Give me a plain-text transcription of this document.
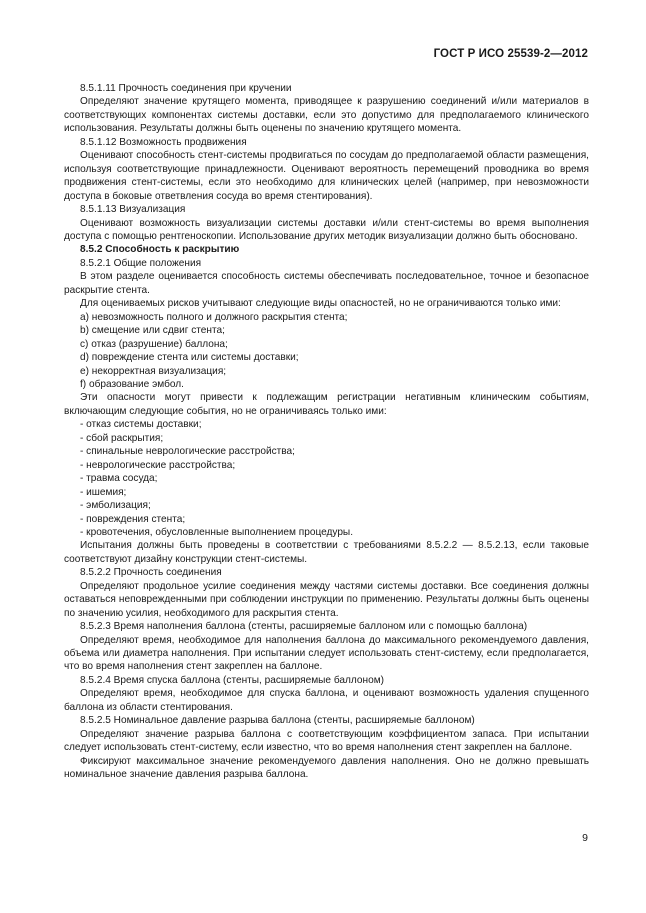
ГОСТ Р ИСО 25539-2—2012

8.5.1.11 Прочность соединения при кручении

Определяют значение крутящего момента, приводящее к разрушению соединений и/или материалов в соответствующих компонентах системы доставки, если это допустимо для предполагаемого клинического использования. Результаты должны быть оценены по значению крутящего момента.

8.5.1.12 Возможность продвижения

Оценивают способность стент-системы продвигаться по сосудам до предполагаемой области размещения, используя соответствующие принадлежности. Оценивают вероятность перемещений проводника во время продвижения стент-системы, если это необходимо для клинических целей (например, при невозможности доступа в боковые ответвления сосуда во время стентирования).

8.5.1.13 Визуализация

Оценивают возможность визуализации системы доставки и/или стент-системы во время выполнения доступа с помощью рентгеноскопии. Использование других методик визуализации должно быть обосновано.

8.5.2 Способность к раскрытию

8.5.2.1 Общие положения

В этом разделе оценивается способность системы обеспечивать последовательное, точное и безопасное раскрытие стента.

Для оцениваемых рисков учитывают следующие виды опасностей, но не ограничиваются только ими:

а) невозможность полного и должного раскрытия стента;

b) смещение или сдвиг стента;

c) отказ (разрушение) баллона;

d) повреждение стента или системы доставки;

e) некорректная визуализация;

f) образование эмбол.

Эти опасности могут привести к подлежащим регистрации негативным клиническим событиям, включающим следующие события, но не ограничиваясь только ими:

- отказ системы доставки;

- сбой раскрытия;

- спинальные неврологические расстройства;

- неврологические расстройства;

- травма сосуда;

- ишемия;

- эмболизация;

- повреждения стента;

- кровотечения, обусловленные выполнением процедуры.

Испытания должны быть проведены в соответствии с требованиями 8.5.2.2 — 8.5.2.13, если таковые соответствуют дизайну конструкции стент-системы.

8.5.2.2 Прочность соединения

Определяют продольное усилие соединения между частями системы доставки. Все соединения должны оставаться неповрежденными при соблюдении инструкции по применению. Результаты должны быть оценены по значению усилия, необходимого для раскрытия стента.

8.5.2.3 Время наполнения баллона (стенты, расширяемые баллоном или с помощью баллона)

Определяют время, необходимое для наполнения баллона до максимального рекомендуемого давления, объема или диаметра наполнения. При испытании следует использовать стент-систему, если предполагается, что во время наполнения стент закреплен на баллоне.

8.5.2.4 Время спуска баллона (стенты, расширяемые баллоном)

Определяют время, необходимое для спуска баллона, и оценивают возможность удаления спущенного баллона из области стентирования.

8.5.2.5 Номинальное давление разрыва баллона (стенты, расширяемые баллоном)

Определяют значение разрыва баллона с соответствующим коэффициентом запаса. При испытании следует использовать стент-систему, если известно, что во время наполнения стент закреплен на баллоне.

Фиксируют максимальное значение рекомендуемого давления наполнения. Оно не должно превышать номинальное значение давления разрыва баллона.

9
